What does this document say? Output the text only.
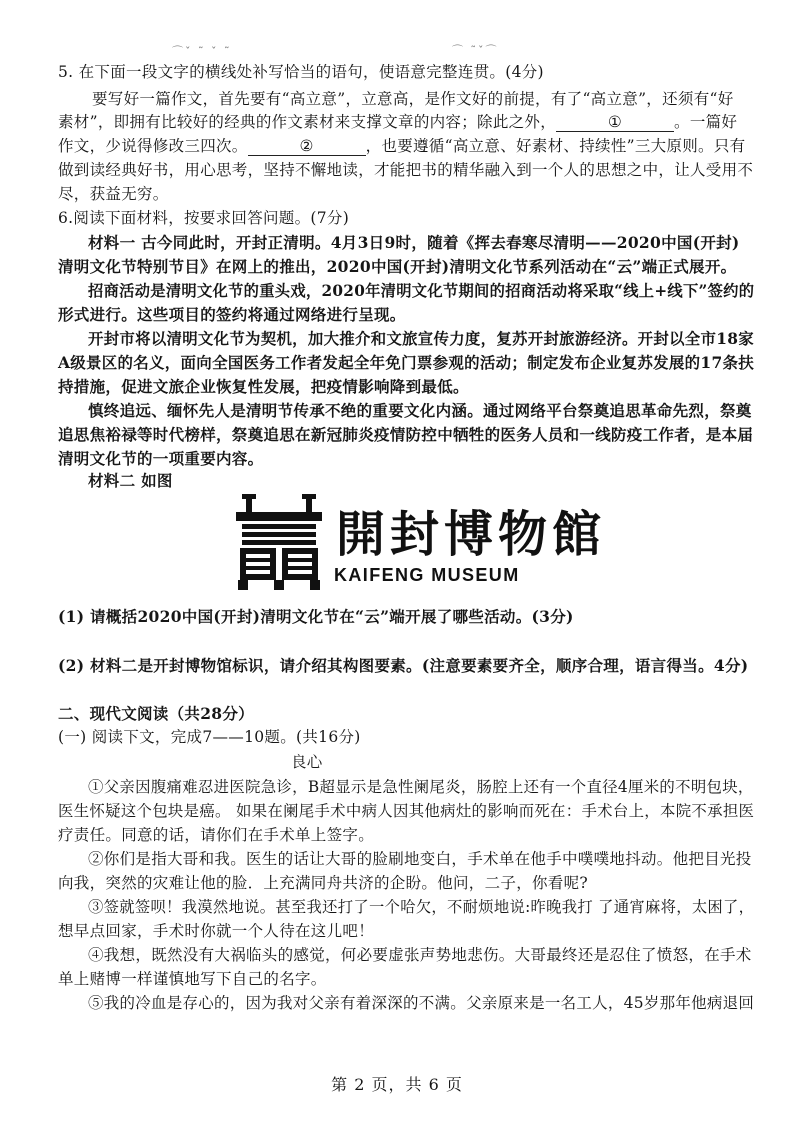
⌒ˇ ˜ ˇ ˜	⌒ ˜ˇ⌒
5. 在下面一段文字的横线处补写恰当的语句，使语意完整连贯。(4分)
要写好一篇作文，首先要有“高立意”，立意高，是作文好的前提，有了“高立意”，还须有“好
素材”，即拥有比较好的经典的作文素材来支撑文章的内容；除此之外，	①	。一篇好
作文，少说得修改三四次。	②	，也要遵循“高立意、好素材、持续性”三大原则。只有
做到读经典好书，用心思考，坚持不懈地读，才能把书的精华融入到一个人的思想之中，让人受用不
尽，获益无穷。
6.阅读下面材料，按要求回答问题。(7分)
材料一 古今同此时，开封正清明。4月3日9时，随着《挥去春寒尽清明——2020中国(开封)
清明文化节特别节目》在网上的推出，2020中国(开封)清明文化节系列活动在“云”端正式展开。
招商活动是清明文化节的重头戏，2020年清明文化节期间的招商活动将采取“线上+线下”签约的
形式进行。这些项目的签约将通过网络进行呈现。
开封市将以清明文化节为契机，加大推介和文旅宣传力度，复苏开封旅游经济。开封以全市18家
A级景区的名义，面向全国医务工作者发起全年免门票参观的活动；制定发布企业复苏发展的17条扶
持措施，促进文旅企业恢复性发展，把疫情影响降到最低。
慎终追远、缅怀先人是清明节传承不绝的重要文化内涵。通过网络平台祭奠追思革命先烈，祭奠
追思焦裕禄等时代榜样，祭奠追思在新冠肺炎疫情防控中牺牲的医务人员和一线防疫工作者，是本届
清明文化节的一项重要内容。
材料二 如图
開封博物館
KAIFENG MUSEUM
(1) 请概括2020中国(开封)清明文化节在“云”端开展了哪些活动。(3分)
(2) 材料二是开封博物馆标识，请介绍其构图要素。(注意要素要齐全，顺序合理，语言得当。4分)
二、现代文阅读（共28分）
(一) 阅读下文，完成7——10题。(共16分)
良心
①父亲因腹痛难忍进医院急诊，B超显示是急性阑尾炎，肠腔上还有一个直径4厘米的不明包块，
医生怀疑这个包块是癌。 如果在阑尾手术中病人因其他病灶的影响而死在：手术台上，本院不承担医
疗责任。同意的话，请你们在手术单上签字。
②你们是指大哥和我。医生的话让大哥的脸刷地变白，手术单在他手中噗噗地抖动。他把目光投
向我，突然的灾难让他的脸．上充满同舟共济的企盼。他问，二子，你看呢?
③签就签呗！我漠然地说。甚至我还打了一个哈欠，不耐烦地说:昨晚我打 了通宵麻将，太困了，
想早点回家，手术时你就一个人待在这儿吧！
④我想，既然没有大祸临头的感觉，何必要虚张声势地悲伤。大哥最终还是忍住了愤怒，在手术
单上赌博一样谨慎地写下自己的名字。
⑤我的冷血是存心的，因为我对父亲有着深深的不满。父亲原来是一名工人，45岁那年他病退回
第 2 页，共 6 页
